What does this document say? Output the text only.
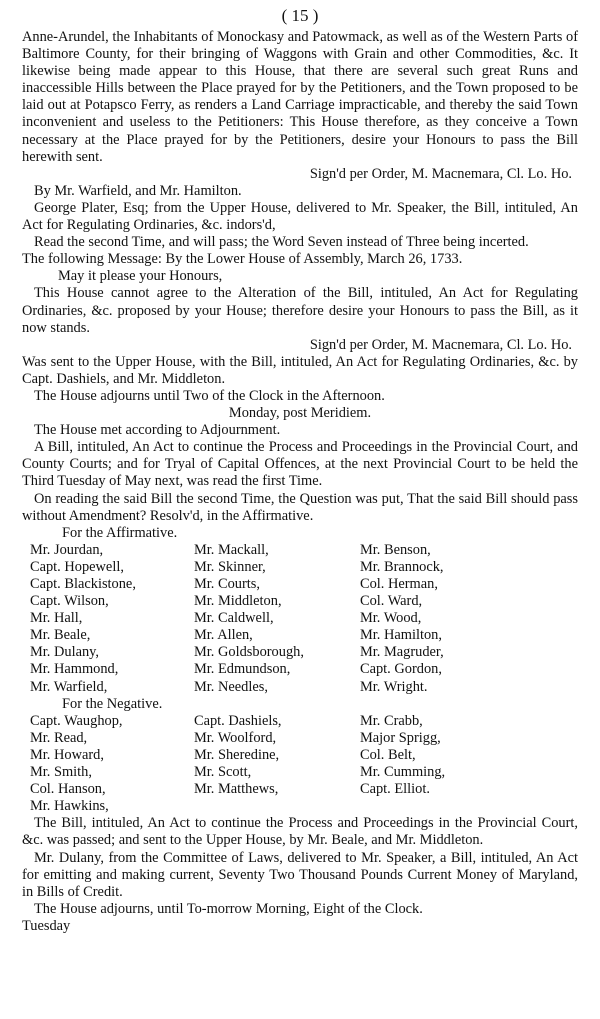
( 15 )

Anne-Arundel, the Inhabitants of Monockasy and Patowmack, as well as of the Western Parts of Baltimore County, for their bringing of Waggons with Grain and other Commodities, &c. It likewise being made appear to this House, that there are several such great Runs and inaccessible Hills between the Place prayed for by the Petitioners, and the Town proposed to be laid out at Potapsco Ferry, as renders a Land Carriage impracticable, and thereby the said Town inconvenient and useless to the Petitioners: This House therefore, as they conceive a Town necessary at the Place prayed for by the Petitioners, desire your Honours to pass the Bill herewith sent.

Sign'd per Order, M. Macnemara, Cl. Lo. Ho.

By Mr. Warfield, and Mr. Hamilton.

George Plater, Esq; from the Upper House, delivered to Mr. Speaker, the Bill, intituled, An Act for Regulating Ordinaries, &c. indors'd,

Read the second Time, and will pass; the Word Seven instead of Three being incerted.

The following Message: By the Lower House of Assembly, March 26, 1733.

May it please your Honours,

This House cannot agree to the Alteration of the Bill, intituled, An Act for Regulating Ordinaries, &c. proposed by your House; therefore desire your Honours to pass the Bill, as it now stands.

Sign'd per Order, M. Macnemara, Cl. Lo. Ho.

Was sent to the Upper House, with the Bill, intituled, An Act for Regulating Ordinaries, &c. by Capt. Dashiels, and Mr. Middleton.

The House adjourns until Two of the Clock in the Afternoon.

Monday, post Meridiem.

The House met according to Adjournment.

A Bill, intituled, An Act to continue the Process and Proceedings in the Provincial Court, and County Courts; and for Tryal of Capital Offences, at the next Provincial Court to be held the Third Tuesday of May next, was read the first Time.

On reading the said Bill the second Time, the Question was put, That the said Bill should pass without Amendment? Resolv'd, in the Affirmative.

For the Affirmative.

Mr. Jourdan,	Mr. Mackall,	Mr. Benson,
Capt. Hopewell,	Mr. Skinner,	Mr. Brannock,
Capt. Blackistone,	Mr. Courts,	Col. Herman,
Capt. Wilson,	Mr. Middleton,	Col. Ward,
Mr. Hall,	Mr. Caldwell,	Mr. Wood,
Mr. Beale,	Mr. Allen,	Mr. Hamilton,
Mr. Dulany,	Mr. Goldsborough,	Mr. Magruder,
Mr. Hammond,	Mr. Edmundson,	Capt. Gordon,
Mr. Warfield,	Mr. Needles,	Mr. Wright.

For the Negative.

Capt. Waughop,	Capt. Dashiels,	Mr. Crabb,
Mr. Read,	Mr. Woolford,	Major Sprigg,
Mr. Howard,	Mr. Sheredine,	Col. Belt,
Mr. Smith,	Mr. Scott,	Mr. Cumming,
Col. Hanson,	Mr. Matthews,	Capt. Elliot.
Mr. Hawkins,

The Bill, intituled, An Act to continue the Process and Proceedings in the Provincial Court, &c. was passed; and sent to the Upper House, by Mr. Beale, and Mr. Middleton.

Mr. Dulany, from the Committee of Laws, delivered to Mr. Speaker, a Bill, intituled, An Act for emitting and making current, Seventy Two Thousand Pounds Current Money of Maryland, in Bills of Credit.

The House adjourns, until To-morrow Morning, Eight of the Clock.

Tuesday
